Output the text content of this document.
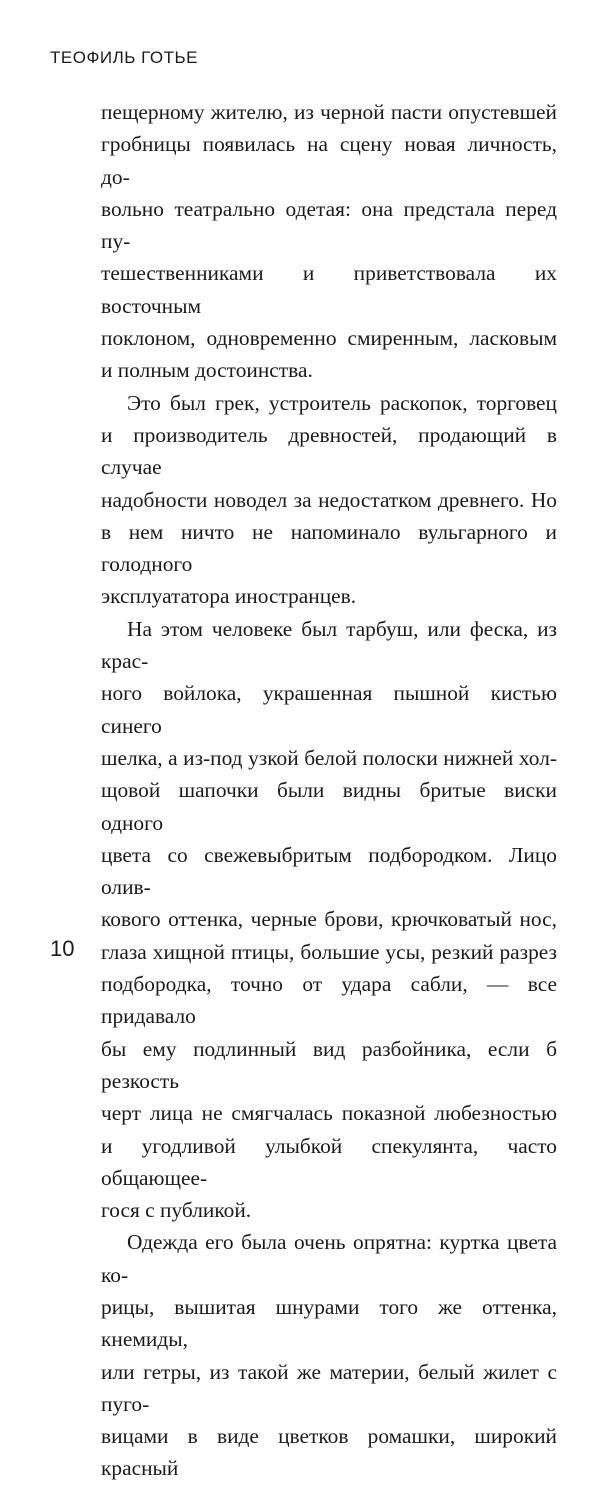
ТЕОФИЛЬ ГОТЬЕ

пещерному жителю, из черной пасти опустевшей

гробницы появилась на сцену новая личность, до-

вольно театрально одетая: она предстала перед пу-

тешественниками и приветствовала их восточным

поклоном, одновременно смиренным, ласковым

и полным достоинства.

Это был грек, устроитель раскопок, торговец

и производитель древностей, продающий в случае

надобности новодел за недостатком древнего. Но

в нем ничто не напоминало вульгарного и голодного

эксплуататора иностранцев.

На этом человеке был тарбуш, или феска, из крас-

ного войлока, украшенная пышной кистью синего

шелка, а из-под узкой белой полоски нижней хол-

щовой шапочки были видны бритые виски одного

цвета со свежевыбритым подбородком. Лицо олив-

кового оттенка, черные брови, крючковатый нос,

глаза хищной птицы, большие усы, резкий разрез

подбородка, точно от удара сабли, — все придавало

бы ему подлинный вид разбойника, если б резкость

черт лица не смягчалась показной любезностью

и угодливой улыбкой спекулянта, часто общающее-

гося с публикой.

Одежда его была очень опрятна: куртка цвета ко-

рицы, вышитая шнурами того же оттенка, кнемиды,

или гетры, из такой же материи, белый жилет с пуго-

вицами в виде цветков ромашки, широкий красный

10
